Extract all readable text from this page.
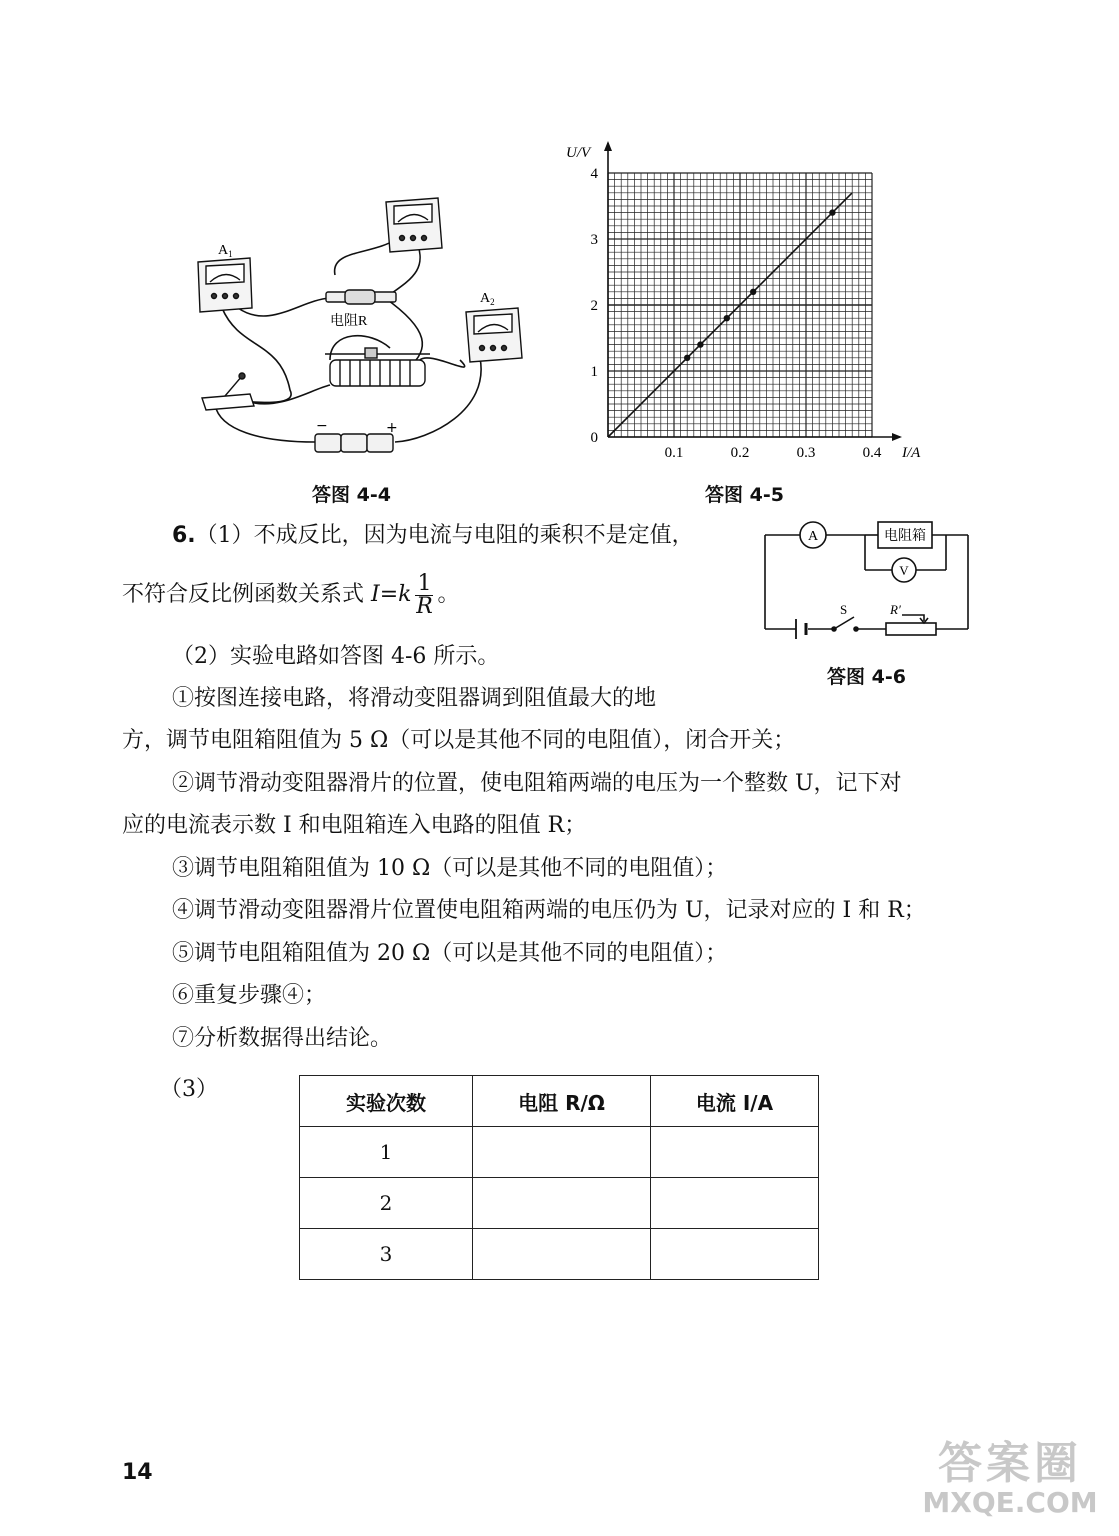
$A_1$
电阻R
$A_2$
−	+
答图 4-4
0
1
2
3
4
0.1	0.2	0.3	0.4
U/V
I/A
答图 4-5
A	电阻箱
V
S	R′
答图 4-6
6.（1）不成反比，因为电流与电阻的乘积不是定值，
不符合反比例函数关系式 $I=k \frac{1}{R}$ 。
（2）实验电路如答图 4-6 所示。
①按图连接电路，将滑动变阻器调到阻值最大的地
方，调节电阻箱阻值为 5 Ω（可以是其他不同的电阻值），闭合开关；
②调节滑动变阻器滑片的位置，使电阻箱两端的电压为一个整数 U，记下对
应的电流表示数 I 和电阻箱连入电路的阻值 R；
③调节电阻箱阻值为 10 Ω（可以是其他不同的电阻值）；
④调节滑动变阻器滑片位置使电阻箱两端的电压仍为 U，记录对应的 I 和 R；
⑤调节电阻箱阻值为 20 Ω（可以是其他不同的电阻值）；
⑥重复步骤④；
⑦分析数据得出结论。
（3）
实验次数	电阻 R/Ω	电流 I/A
1		
2		
3		
14	答案圈
MXQE.COM
